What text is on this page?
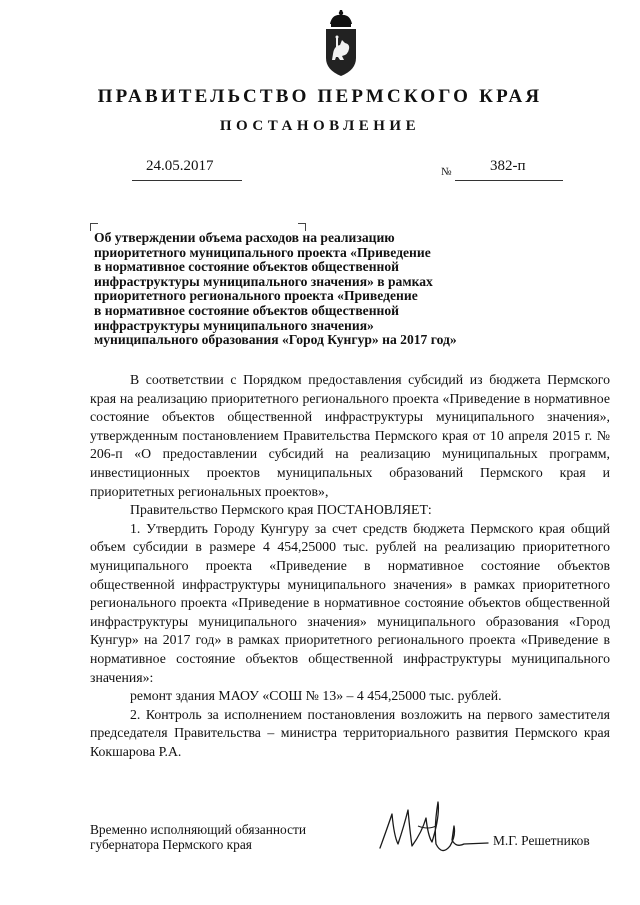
ПРАВИТЕЛЬСТВО ПЕРМСКОГО КРАЯ
ПОСТАНОВЛЕНИЕ
24.05.2017	№	382-п
Об утверждении объема расходов на реализацию
приоритетного муниципального проекта «Приведение
в нормативное состояние объектов общественной
инфраструктуры муниципального значения» в рамках
приоритетного регионального проекта «Приведение
в нормативное состояние объектов общественной
инфраструктуры муниципального значения»
муниципального образования «Город Кунгур» на 2017 год»

В соответствии с Порядком предоставления субсидий из бюджета Пермского края на реализацию приоритетного регионального проекта «Приведение в нормативное состояние объектов общественной инфраструктуры муниципального значения», утвержденным постановлением Правительства Пермского края от 10 апреля 2015 г. № 206-п «О предоставлении субсидий на реализацию муниципальных программ, инвестиционных проектов муниципальных образований Пермского края и приоритетных региональных проектов»,

Правительство Пермского края ПОСТАНОВЛЯЕТ:

1. Утвердить Городу Кунгуру за счет средств бюджета Пермского края общий объем субсидии в размере 4 454,25000 тыс. рублей на реализацию приоритетного муниципального проекта «Приведение в нормативное состояние объектов общественной инфраструктуры муниципального значения» в рамках приоритетного регионального проекта «Приведение в нормативное состояние объектов общественной инфраструктуры муниципального значения» муниципального образования «Город Кунгур» на 2017 год» в рамках приоритетного регионального проекта «Приведение в нормативное состояние объектов общественной инфраструктуры муниципального значения»:

ремонт здания МАОУ «СОШ № 13» – 4 454,25000 тыс. рублей.

2. Контроль за исполнением постановления возложить на первого заместителя председателя Правительства – министра территориального развития Пермского края Кокшарова Р.А.

Временно исполняющий обязанности
губернатора Пермского края	М.Г. Решетников
